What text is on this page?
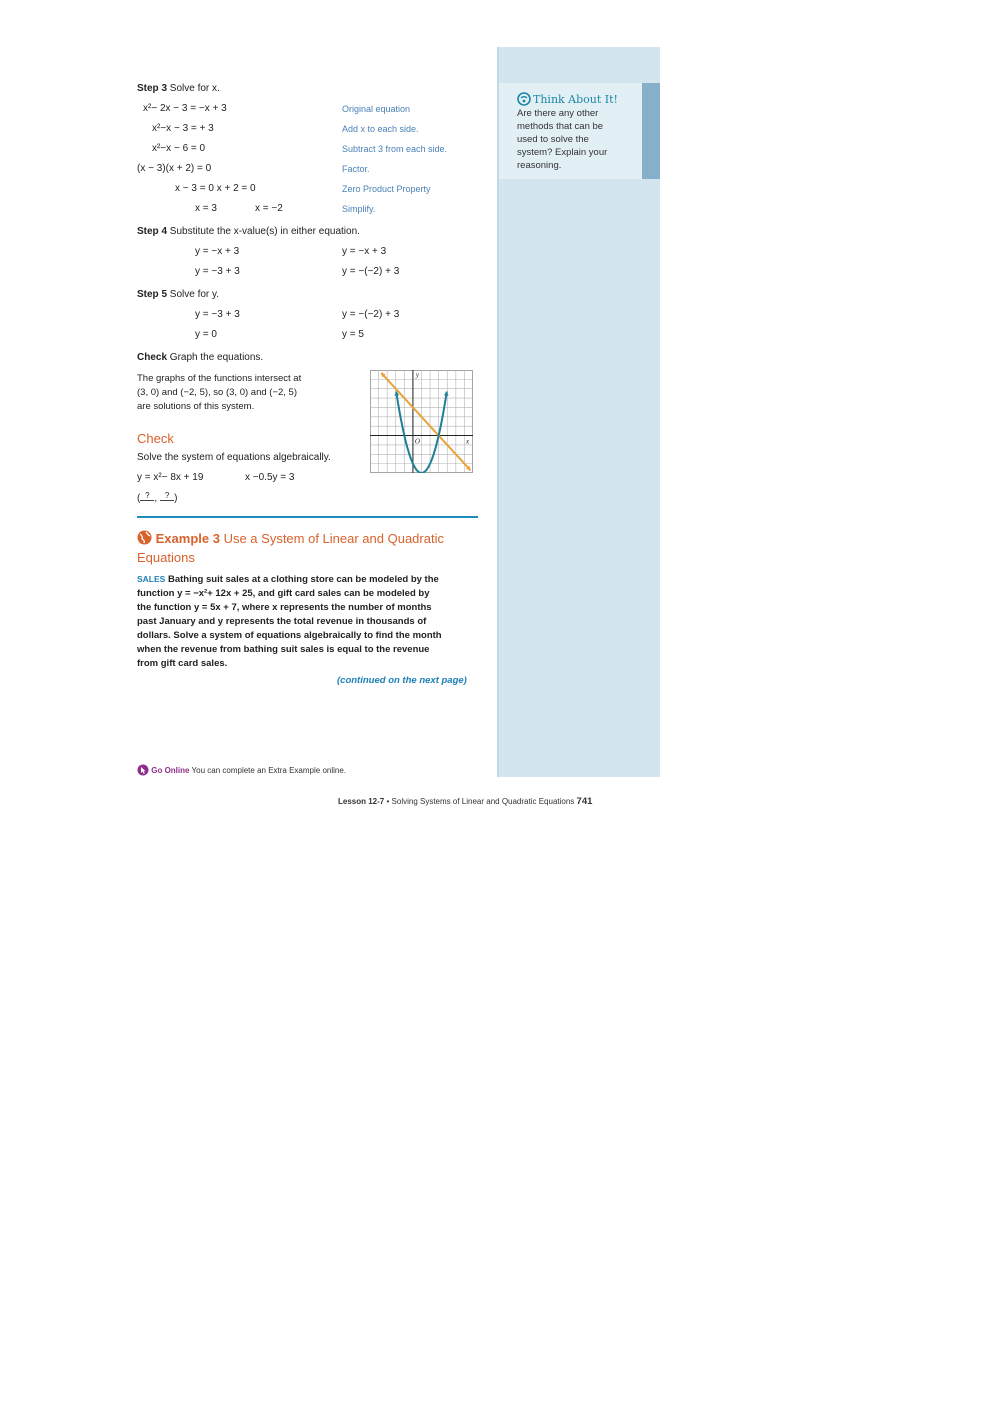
Think About It!
Are there any other
methods that can be
used to solve the
system? Explain your
reasoning.
Step 3 Solve for x.
x²− 2x − 3 = −x + 3	Original equation
x²−x − 3 = + 3	Add x to each side.
x²−x − 6 = 0	Subtract 3 from each side.
(x − 3)(x + 2) = 0	Factor.
x − 3 = 0 x + 2 = 0	Zero Product Property
x = 3	x = −2	Simplify.
Step 4 Substitute the x-value(s) in either equation.
y = −x + 3	y = −x + 3
y = −3 + 3	y = −(−2) + 3
Step 5 Solve for y.
y = −3 + 3	y = −(−2) + 3
y = 0	y = 5
Check Graph the equations.
The graphs of the functions intersect at
(3, 0) and (−2, 5), so (3, 0) and (−2, 5)
are solutions of this system.
x
y
O
Check
Solve the system of equations algebraically.
y = x²− 8x + 19	x −0.5y = 3
( ? , ? )
Example 3 Use a System of Linear and Quadratic
Equations
SALES Bathing suit sales at a clothing store can be modeled by the
function y = −x²+ 12x + 25, and gift card sales can be modeled by
the function y = 5x + 7, where x represents the number of months
past January and y represents the total revenue in thousands of
dollars. Solve a system of equations algebraically to find the month
when the revenue from bathing suit sales is equal to the revenue
from gift card sales.
(continued on the next page)
Go Online You can complete an Extra Example online.
Lesson 12-7 • Solving Systems of Linear and Quadratic Equations 741
